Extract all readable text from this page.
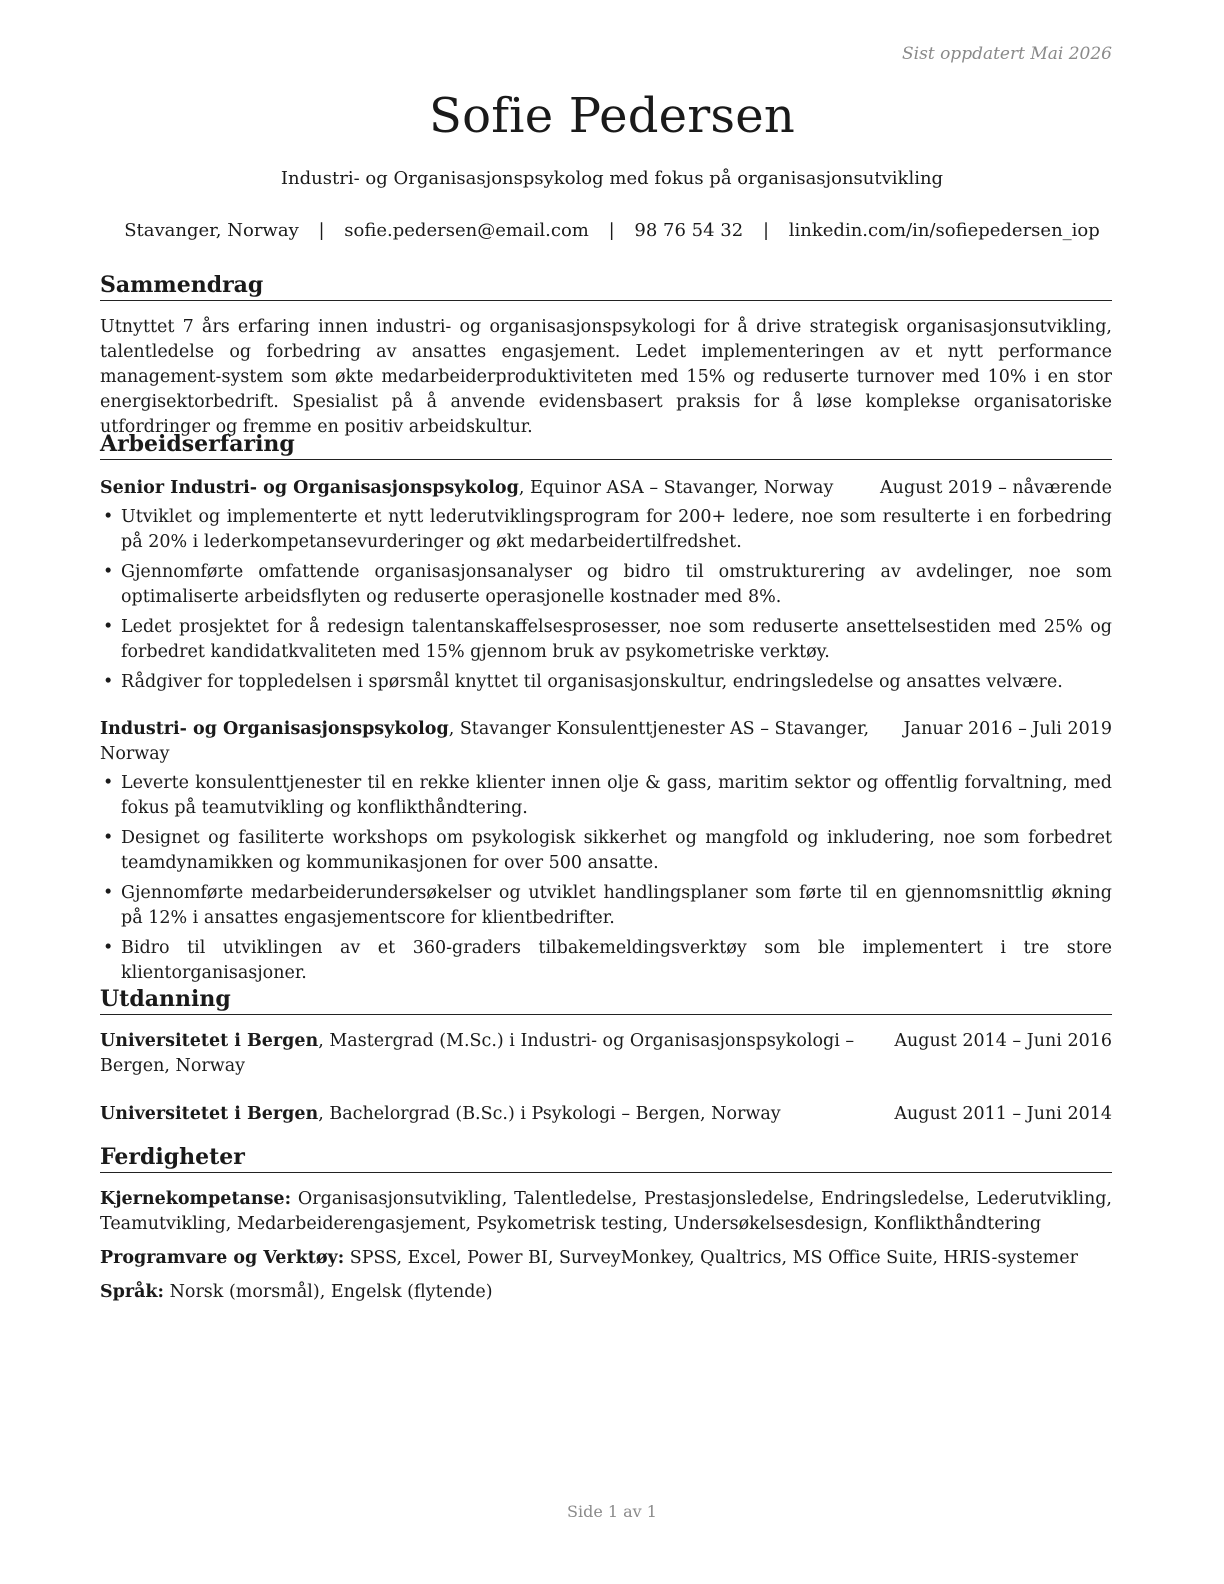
Sist oppdatert Mai 2026
Sofie Pedersen
Industri- og Organisasjonspsykolog med fokus på organisasjonsutvikling
Stavanger, Norway | sofie.pedersen@email.com | 98 76 54 32 | linkedin.com/in/sofiepedersen_iop
Sammendrag

Utnyttet 7 års erfaring innen industri- og organisasjonspsykologi for å drive strategisk organisasjonsutvikling, talentledelse og forbedring av ansattes engasjement. Ledet implementeringen av et nytt performance management-system som økte medarbeiderproduktiviteten med 15% og reduserte turnover med 10% i en stor energisektorbedrift. Spesialist på å anvende evidensbasert praksis for å løse komplekse organisatoriske utfordringer og fremme en positiv arbeidskultur.

Arbeidserfaring
Senior Industri- og Organisasjonspsykolog, Equinor ASA – Stavanger, Norway	August 2019 – nåværende
• Utviklet og implementerte et nytt lederutviklingsprogram for 200+ ledere, noe som resulterte i en forbedring på 20% i lederkompetansevurderinger og økt medarbeidertilfredshet.
• Gjennomførte omfattende organisasjonsanalyser og bidro til omstrukturering av avdelinger, noe som optimaliserte arbeidsflyten og reduserte operasjonelle kostnader med 8%.
• Ledet prosjektet for å redesign talentanskaffelsesprosesser, noe som reduserte ansettelsestiden med 25% og forbedret kandidatkvaliteten med 15% gjennom bruk av psykometriske verktøy.
• Rådgiver for toppledelsen i spørsmål knyttet til organisasjonskultur, endringsledelse og ansattes velvære.
Industri- og Organisasjonspsykolog, Stavanger Konsulenttjenester AS – Stavanger, Norway
Januar 2016 – Juli 2019
• Leverte konsulenttjenester til en rekke klienter innen olje & gass, maritim sektor og offentlig forvaltning, med fokus på teamutvikling og konflikthåndtering.
• Designet og fasiliterte workshops om psykologisk sikkerhet og mangfold og inkludering, noe som forbedret teamdynamikken og kommunikasjonen for over 500 ansatte.
• Gjennomførte medarbeiderundersøkelser og utviklet handlingsplaner som førte til en gjennomsnittlig økning på 12% i ansattes engasjementscore for klientbedrifter.
• Bidro til utviklingen av et 360-graders tilbakemeldingsverktøy som ble implementert i tre store klientorganisasjoner.
Utdanning
Universitetet i Bergen, Mastergrad (M.Sc.) i Industri- og Organisasjonspsykologi – Bergen, Norway
August 2014 – Juni 2016
Universitetet i Bergen, Bachelorgrad (B.Sc.) i Psykologi – Bergen, Norway	August 2011 – Juni 2014
Ferdigheter

Kjernekompetanse: Organisasjonsutvikling, Talentledelse, Prestasjonsledelse, Endringsledelse, Lederutvikling, Teamutvikling, Medarbeiderengasjement, Psykometrisk testing, Undersøkelsesdesign, Konflikthåndtering

Programvare og Verktøy: SPSS, Excel, Power BI, SurveyMonkey, Qualtrics, MS Office Suite, HRIS-systemer

Språk: Norsk (morsmål), Engelsk (flytende)

Side 1 av 1
